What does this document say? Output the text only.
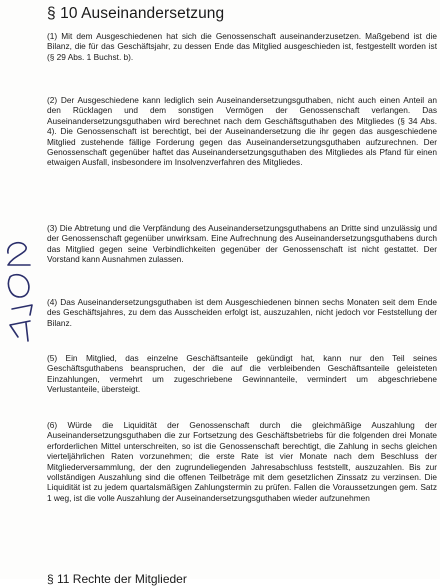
§ 10 Auseinandersetzung
(1) Mit dem Ausgeschiedenen hat sich die Genossenschaft auseinanderzusetzen. Maßgebend ist die Bilanz, die für das Geschäftsjahr, zu dessen Ende das Mitglied ausgeschieden ist, festgestellt worden ist (§ 29 Abs. 1 Buchst. b).
(2) Der Ausgeschiedene kann lediglich sein Auseinandersetzungsguthaben, nicht auch einen Anteil an den Rücklagen und dem sonstigen Vermögen der Genossenschaft verlangen. Das Auseinandersetzungsguthaben wird berechnet nach dem Geschäftsguthaben des Mitgliedes (§ 34 Abs. 4). Die Genossenschaft ist berechtigt, bei der Auseinandersetzung die ihr gegen das ausgeschiedene Mitglied zustehende fällige Forderung gegen das Auseinandersetzungsguthaben aufzurechnen. Der Genossenschaft gegenüber haftet das Auseinandersetzungsguthaben des Mitgliedes als Pfand für einen etwaigen Ausfall, insbesondere im Insolvenzverfahren des Mitgliedes.
(3) Die Abtretung und die Verpfändung des Auseinandersetzungsguthabens an Dritte sind unzulässig und der Genossenschaft gegenüber unwirksam. Eine Aufrechnung des Auseinandersetzungsguthabens durch das Mitglied gegen seine Verbindlichkeiten gegenüber der Genossenschaft ist nicht gestattet. Der Vorstand kann Ausnahmen zulassen.
(4) Das Auseinandersetzungsguthaben ist dem Ausgeschiedenen binnen sechs Monaten seit dem Ende des Geschäftsjahres, zu dem das Ausscheiden erfolgt ist, auszuzahlen, nicht jedoch vor Feststellung der Bilanz.
(5) Ein Mitglied, das einzelne Geschäftsanteile gekündigt hat, kann nur den Teil seines Geschäftsguthabens beanspruchen, der die auf die verbleibenden Geschäftsanteile geleisteten Einzahlungen, vermehrt um zugeschriebene Gewinnanteile, vermindert um abgeschriebene Verlustanteile, übersteigt.
(6) Würde die Liquidität der Genossenschaft durch die gleichmäßige Auszahlung der Auseinandersetzungsguthaben die zur Fortsetzung des Geschäftsbetriebs für die folgenden drei Monate erforderlichen Mittel unterschreiten, so ist die Genossenschaft berechtigt, die Zahlung in sechs gleichen vierteljährlichen Raten vorzunehmen; die erste Rate ist vier Monate nach dem Beschluss der Mitgliederversammlung, der den zugrundeliegenden Jahresabschluss feststellt, auszuzahlen. Bis zur vollständigen Auszahlung sind die offenen Teilbeträge mit dem gesetzlichen Zinssatz zu verzinsen. Die Liquidität ist zu jedem quartalsmäßigen Zahlungstermin zu prüfen. Fallen die Voraussetzungen gem. Satz 1 weg, ist die volle Auszahlung der Auseinandersetzungsguthaben wieder aufzunehmen
§ 11 Rechte der Mitglieder
